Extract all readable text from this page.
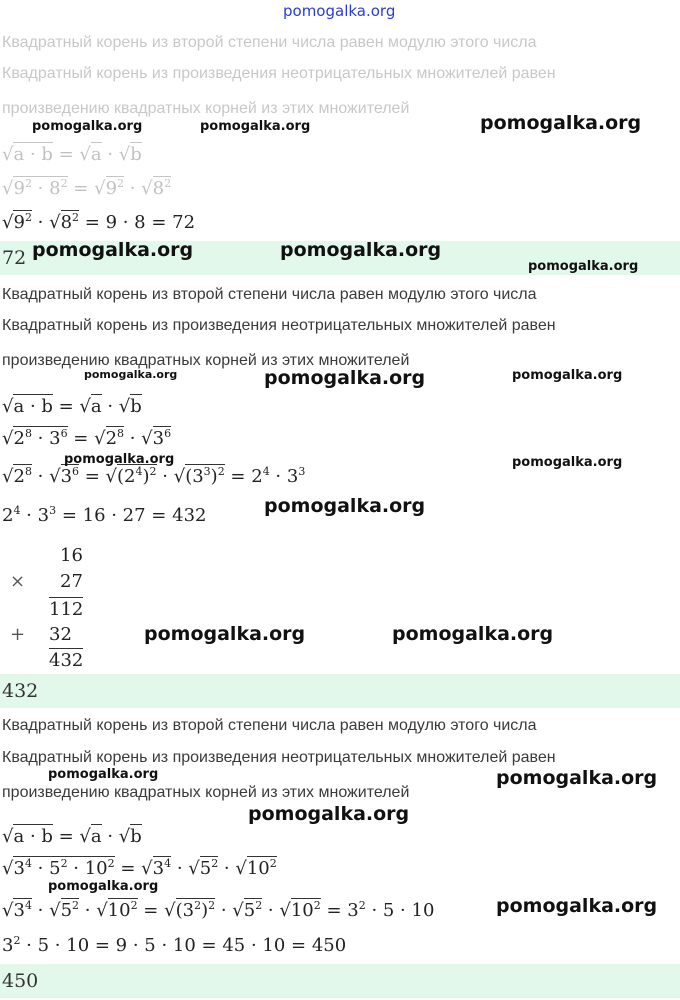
pomogalka.org
Квадратный корень из второй степени числа равен модулю этого числа
Квадратный корень из произведения неотрицательных множителей равен
произведению квадратных корней из этих множителей
√a · b = √a · √b
$√9^2 \cdot 8^2 = √9^2 \cdot √8^2$
$√9^2 \cdot √8^2 = 9 \cdot 8 = 72$
72
Квадратный корень из второй степени числа равен модулю этого числа
Квадратный корень из произведения неотрицательных множителей равен
произведению квадратных корней из этих множителей
√a · b = √a · √b
$√2^8 \cdot 3^6 = √2^8 \cdot √3^6$
$√2^8 \cdot √3^6 = √(2^4)^2 \cdot √(3^3)^2 = 2^4 \cdot 3^3$
$2^4 \cdot 3^3 = 16 \cdot 27 = 432$
16
× 27
112
+ 32
432
432
Квадратный корень из второй степени числа равен модулю этого числа
Квадратный корень из произведения неотрицательных множителей равен
произведению квадратных корней из этих множителей
√a · b = √a · √b
$√3^4 \cdot 5^2 \cdot 10^2 = √3^4 \cdot √5^2 \cdot √10^2$
$√3^4 \cdot √5^2 \cdot √10^2 = √(3^2)^2 \cdot √5^2 \cdot √10^2 = 3^2 \cdot 5 \cdot 10$
$3^2 \cdot 5 \cdot 10 = 9 \cdot 5 \cdot 10 = 45 \cdot 10 = 450$
450
pomogalka.org	pomogalka.org	pomogalka.org
pomogalka.org	pomogalka.org
pomogalka.org
pomogalka.org	pomogalka.org	pomogalka.org
pomogalka.org	pomogalka.org
pomogalka.org
pomogalka.org	pomogalka.org
pomogalka.org	pomogalka.org
pomogalka.org
pomogalka.org
pomogalka.org
